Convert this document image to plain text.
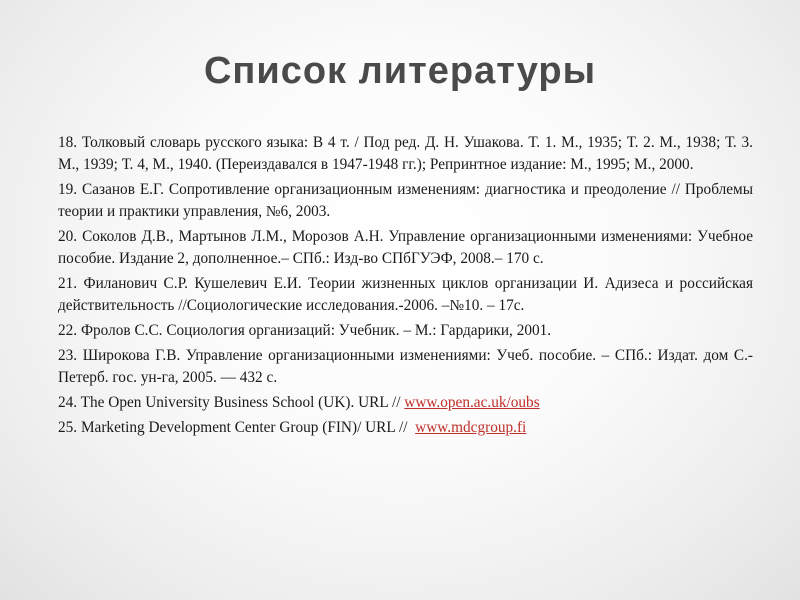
Список литературы
18. Толковый словарь русского языка: В 4 т. / Под ред. Д. Н. Ушакова. Т. 1. М., 1935; Т. 2. М., 1938; Т. 3. М., 1939; Т. 4, М., 1940. (Переиздавался в 1947-1948 гг.); Репринтное издание: М., 1995; М., 2000.
19. Сазанов Е.Г. Сопротивление организационным изменениям: диагностика и преодоление // Проблемы теории и практики управления, №6, 2003.
20. Соколов Д.В., Мартынов Л.М., Морозов А.Н. Управление организационными изменениями: Учебное пособие. Издание 2, дополненное.– СПб.: Изд-во СПбГУЭФ, 2008.– 170 с.
21. Филанович С.Р. Кушелевич Е.И. Теории жизненных циклов организации И. Адизеса и российская действительность //Социологические исследования.-2006. –№10. – 17с.
22. Фролов С.С. Социология организаций: Учебник. – М.: Гардарики, 2001.
23. Широкова Г.В. Управление организационными изменениями: Учеб. пособие. – СПб.: Издат. дом С.-Петерб. гос. ун-га, 2005. — 432 с.
24. The Open University Business School (UK). URL // www.open.ac.uk/oubs
25. Marketing Development Center Group (FIN)/ URL //  www.mdcgroup.fi
